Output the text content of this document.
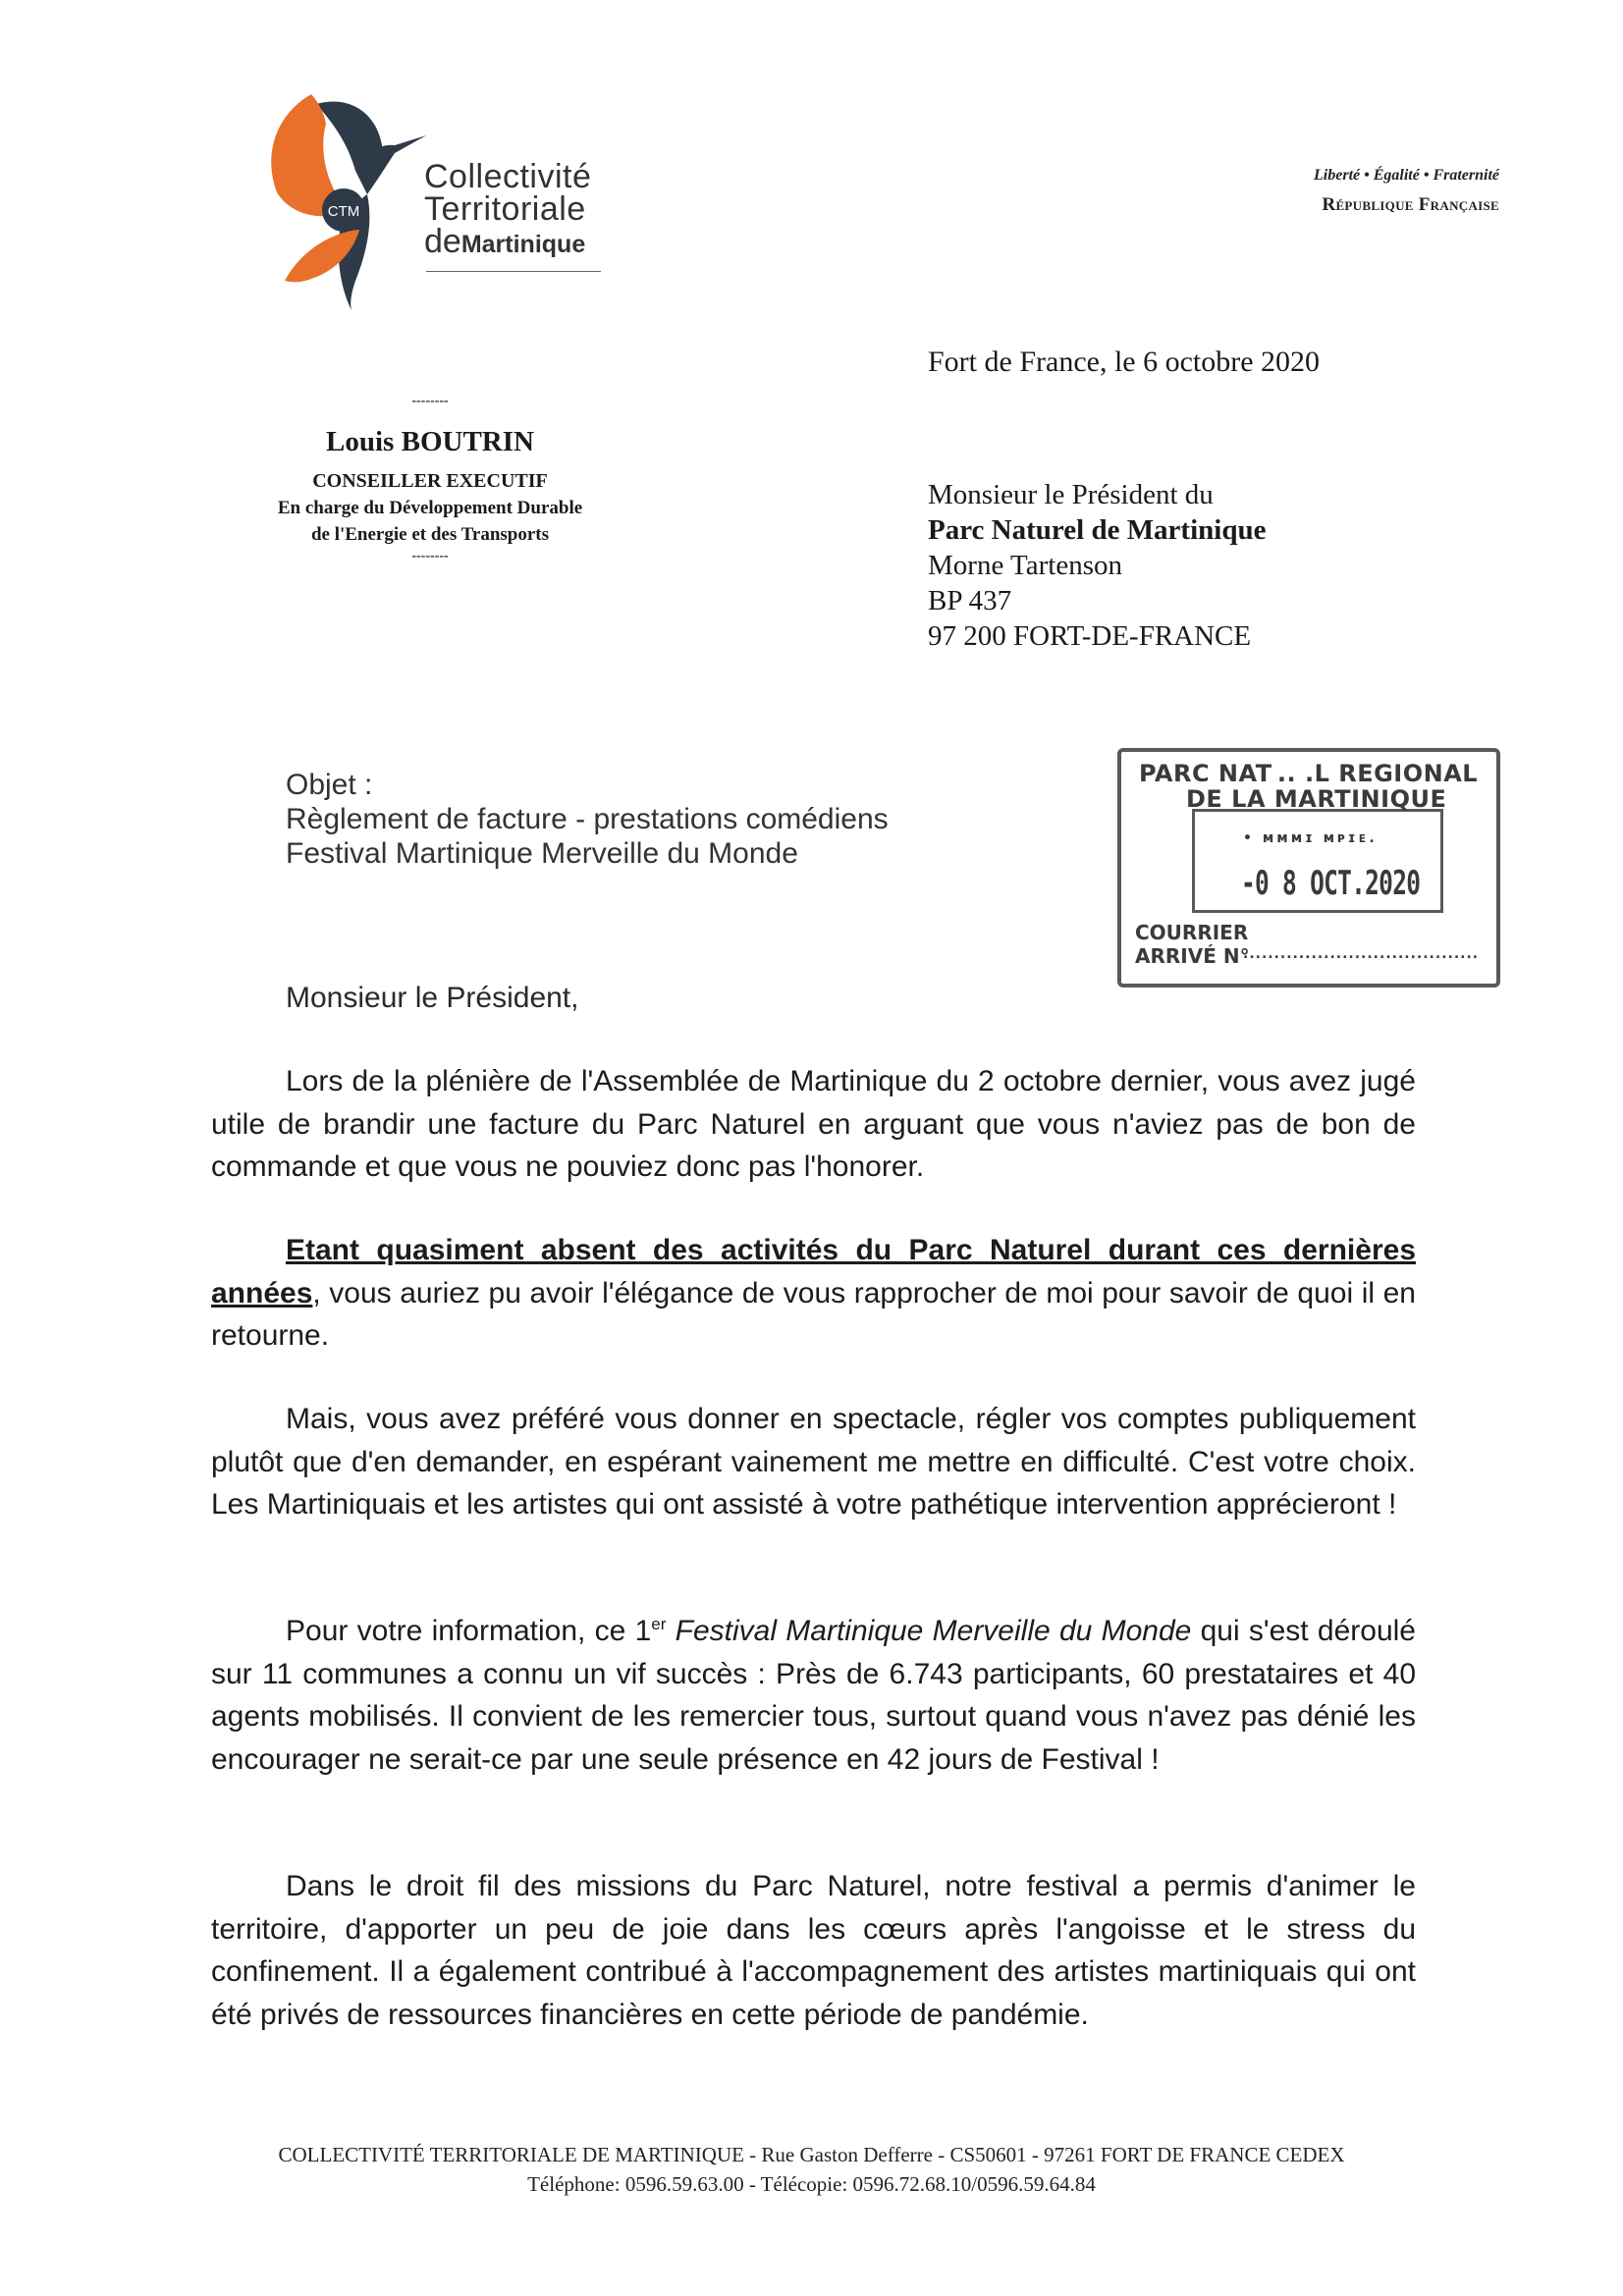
CTM
Collectivité
Territoriale
deMartinique
Liberté • Égalité • Fraternité
République Française
Fort de France, le 6 octobre 2020
--------
Louis BOUTRIN
CONSEILLER EXECUTIF
En charge du Développement Durable
de l'Energie et des Transports
--------
Monsieur le Président du
Parc Naturel de Martinique
Morne Tartenson
BP 437
97 200 FORT-DE-FRANCE
Objet :
Règlement de facture - prestations comédiens
Festival Martinique Merveille du Monde
PARC NAT .. .L REGIONAL
DE LA MARTINIQUE
• ᴍᴍᴍɪ ᴍᴘɪᴇ.
-0 8 OCT.2020
COURRIER
ARRIVÉ N°
......................................
Monsieur le Président,
Lors de la plénière de l'Assemblée de Martinique du 2 octobre dernier, vous avez jugé utile de brandir une facture du Parc Naturel en arguant que vous n'aviez pas de bon de commande et que vous ne pouviez donc pas l'honorer.
Etant quasiment absent des activités du Parc Naturel durant ces dernières années, vous auriez pu avoir l'élégance de vous rapprocher de moi pour savoir de quoi il en retourne.
Mais, vous avez préféré vous donner en spectacle, régler vos comptes publiquement plutôt que d'en demander, en espérant vainement me mettre en difficulté. C'est votre choix. Les Martiniquais et les artistes qui ont assisté à votre pathétique intervention apprécieront !
Pour votre information, ce 1er Festival Martinique Merveille du Monde qui s'est déroulé sur 11 communes a connu un vif succès : Près de 6.743 participants, 60 prestataires et 40 agents mobilisés. Il convient de les remercier tous, surtout quand vous n'avez pas dénié les encourager ne serait-ce par une seule présence en 42 jours de Festival !
Dans le droit fil des missions du Parc Naturel, notre festival a permis d'animer le territoire, d'apporter un peu de joie dans les cœurs après l'angoisse et le stress du confinement. Il a également contribué à l'accompagnement des artistes martiniquais qui ont été privés de ressources financières en cette période de pandémie.
COLLECTIVITÉ TERRITORIALE DE MARTINIQUE - Rue Gaston Defferre - CS50601 - 97261 FORT DE FRANCE CEDEX
Téléphone: 0596.59.63.00 - Télécopie: 0596.72.68.10/0596.59.64.84
